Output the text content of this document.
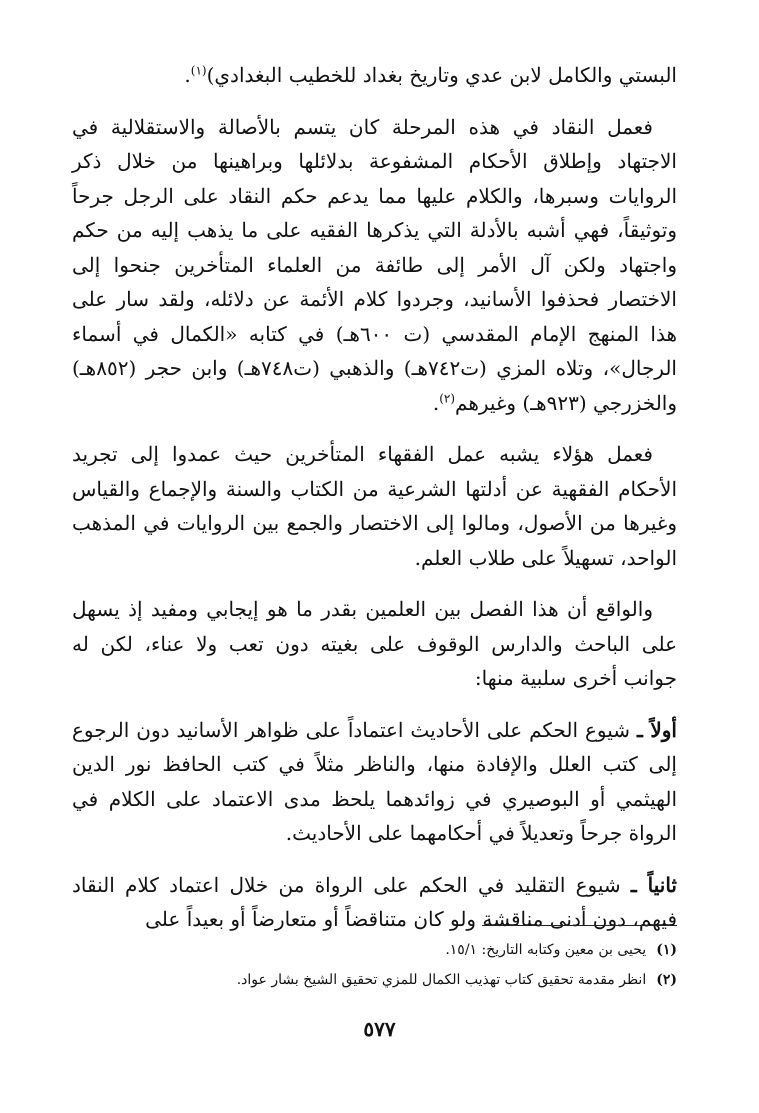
البستي والكامل لابن عدي وتاريخ بغداد للخطيب البغدادي)$^{(١)}$.

فعمل النقاد في هذه المرحلة كان يتسم بالأصالة والاستقلالية في الاجتهاد وإطلاق الأحكام المشفوعة بدلائلها وبراهينها من خلال ذكر الروايات وسبرها، والكلام عليها مما يدعم حكم النقاد على الرجل جرحاً وتوثيقاً، فهي أشبه بالأدلة التي يذكرها الفقيه على ما يذهب إليه من حكم واجتهاد ولكن آل الأمر إلى طائفة من العلماء المتأخرين جنحوا إلى الاختصار فحذفوا الأسانيد، وجردوا كلام الأئمة عن دلائله، ولقد سار على هذا المنهج الإمام المقدسي (ت ٦٠٠هـ) في كتابه «الكمال في أسماء الرجال»، وتلاه المزي (ت٧٤٢هـ) والذهبي (ت٧٤٨هـ) وابن حجر (٨٥٢هـ) والخزرجي (٩٢٣هـ) وغيرهم$^{(٢)}$.

فعمل هؤلاء يشبه عمل الفقهاء المتأخرين حيث عمدوا إلى تجريد الأحكام الفقهية عن أدلتها الشرعية من الكتاب والسنة والإجماع والقياس وغيرها من الأصول، ومالوا إلى الاختصار والجمع بين الروايات في المذهب الواحد، تسهيلاً على طلاب العلم.

والواقع أن هذا الفصل بين العلمين بقدر ما هو إيجابي ومفيد إذ يسهل على الباحث والدارس الوقوف على بغيته دون تعب ولا عناء، لكن له جوانب أخرى سلبية منها:

أولاً ـ شيوع الحكم على الأحاديث اعتماداً على ظواهر الأسانيد دون الرجوع إلى كتب العلل والإفادة منها، والناظر مثلاً في كتب الحافظ نور الدين الهيثمي أو البوصيري في زوائدهما يلحظ مدى الاعتماد على الكلام في الرواة جرحاً وتعديلاً في أحكامهما على الأحاديث.

ثانياً ـ شيوع التقليد في الحكم على الرواة من خلال اعتماد كلام النقاد فيهم، دون أدنى مناقشة ولو كان متناقضاً أو متعارضاً أو بعيداً على

(١)يحيى بن معين وكتابه التاريخ: ١٥/١.
(٢)انظر مقدمة تحقيق كتاب تهذيب الكمال للمزي تحقيق الشيخ بشار عواد.
٥٧٧
